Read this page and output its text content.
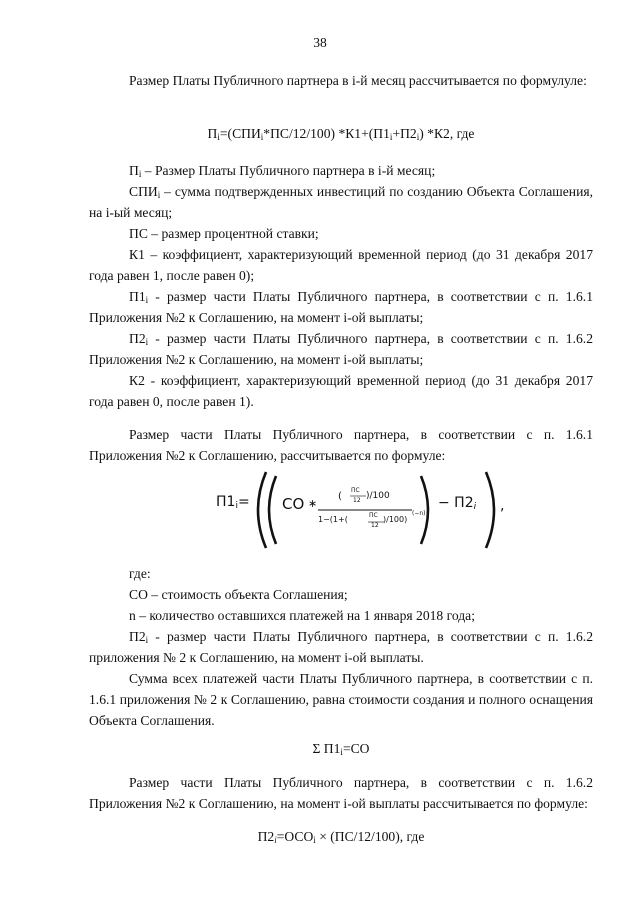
38
Размер Платы Публичного партнера в i-й месяц рассчитывается по формулуле:
$П_i=(СПИ_i*ПС/12/100)$ $*К1+(П1_i+П2_i)$ *К2, где
$П_i$ – Размер Платы Публичного партнера в i-й месяц;
$СПИ_i$ – сумма подтвержденных инвестиций по созданию Объекта Соглашения, на i-ый месяц;
ПС – размер процентной ставки;
К1 – коэффициент, характеризующий временной период (до 31 декабря 2017 года равен 1, после равен 0);
$П1_i$ - размер части Платы Публичного партнера, в соответствии с п. 1.6.1 Приложения №2 к Соглашению, на момент i-ой выплаты;
$П2_i$ - размер части Платы Публичного партнера, в соответствии с п. 1.6.2 Приложения №2 к Соглашению, на момент i-ой выплаты;
К2 - коэффициент, характеризующий временной период (до 31 декабря 2017 года равен 0, после равен 1).
Размер части Платы Публичного партнера, в соответствии с п. 1.6.1 Приложения №2 к Соглашению, рассчитывается по формуле:
$П1_i=$ СО ∗
(
ПС
12 )/100
1−(1+(	ПС
12
)/100)
(−n)
− $П2_i$ ,
где:
СО – стоимость объекта Соглашения;
n – количество оставшихся платежей на 1 января 2018 года;
$П2_i$ - размер части Платы Публичного партнера, в соответствии с п. 1.6.2 приложения № 2 к Соглашению, на момент i-ой выплаты.
Сумма всех платежей части Платы Публичного партнера, в соответствии с п. 1.6.1 приложения № 2 к Соглашению, равна стоимости создания и полного оснащения Объекта Соглашения.
Σ $П1_i=СО$
Размер части Платы Публичного партнера, в соответствии с п. 1.6.2 Приложения №2 к Соглашению, на момент i-ой выплаты рассчитывается по формуле:
$П2_i=ОСО_i \times (ПС/12/100)$, где
